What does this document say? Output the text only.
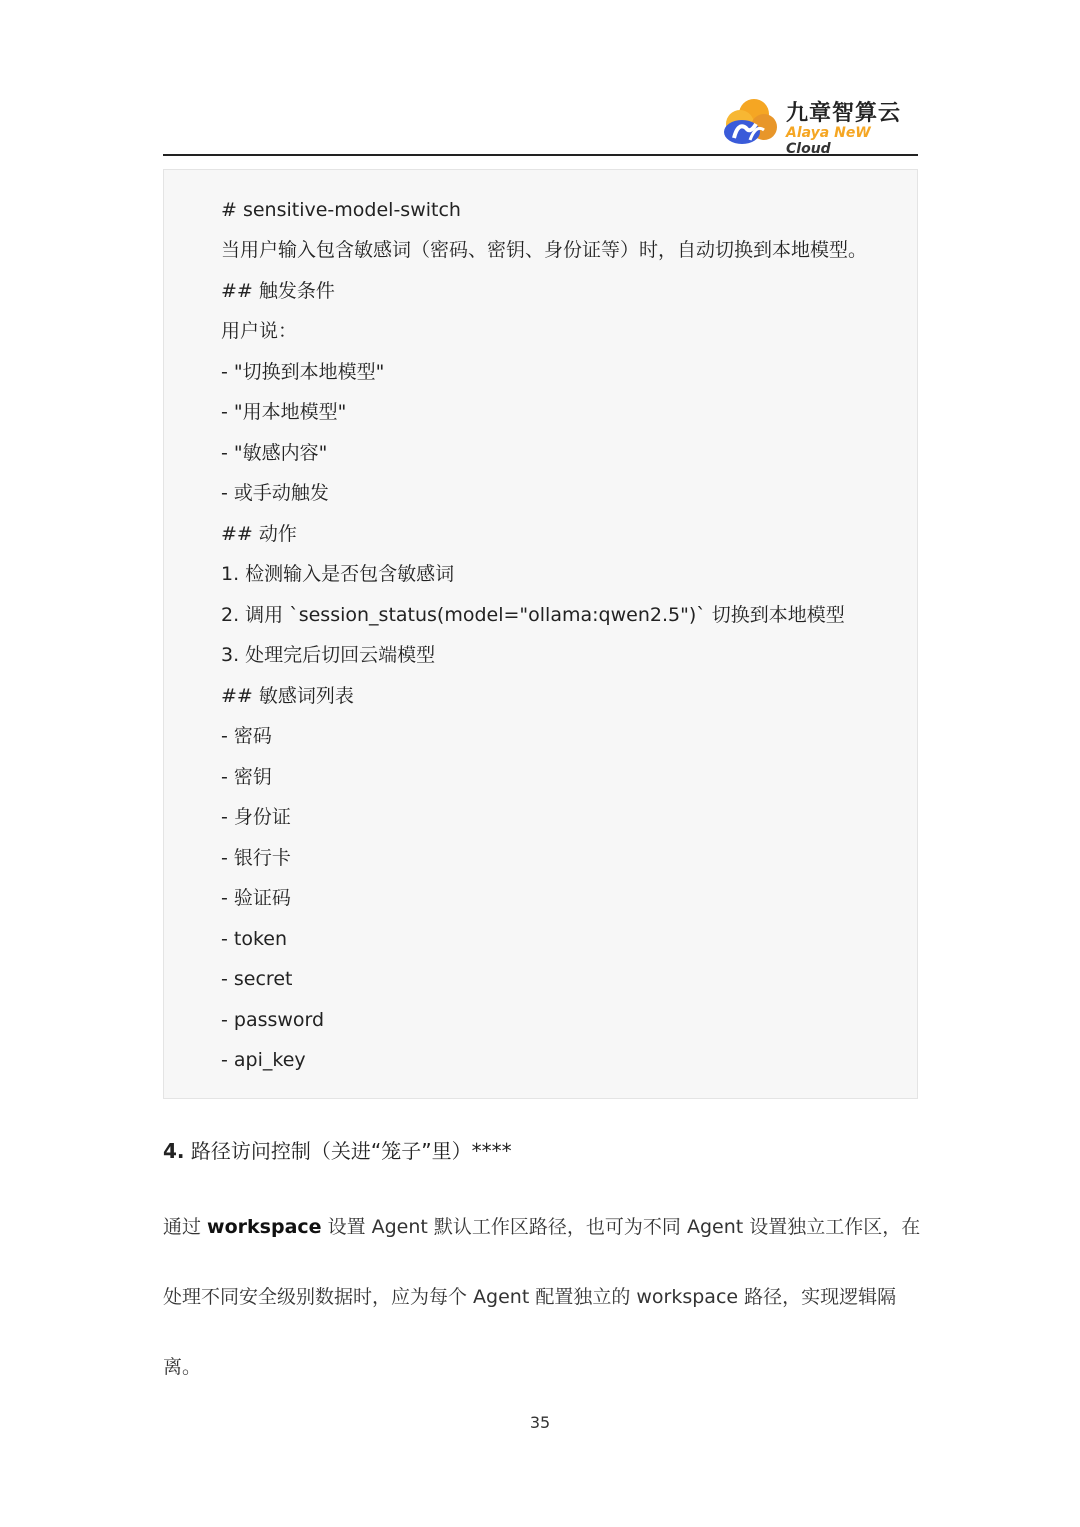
九章智算云
Alaya NeW Cloud
# sensitive-model-switch
当用户输入包含敏感词（密码、密钥、身份证等）时，自动切换到本地模型。
## 触发条件
用户说：
- "切换到本地模型"
- "用本地模型"
- "敏感内容"
- 或手动触发
## 动作
1. 检测输入是否包含敏感词
2. 调用 `session_status(model="ollama:qwen2.5")` 切换到本地模型
3. 处理完后切回云端模型
## 敏感词列表
- 密码
- 密钥
- 身份证
- 银行卡
- 验证码
- token
- secret
- password
- api_key
4. 路径访问控制（关进“笼子”里）****
通过 workspace 设置 Agent 默认工作区路径，也可为不同 Agent 设置独立工作区，在
处理不同安全级别数据时，应为每个 Agent 配置独立的 workspace 路径，实现逻辑隔
离。
35
